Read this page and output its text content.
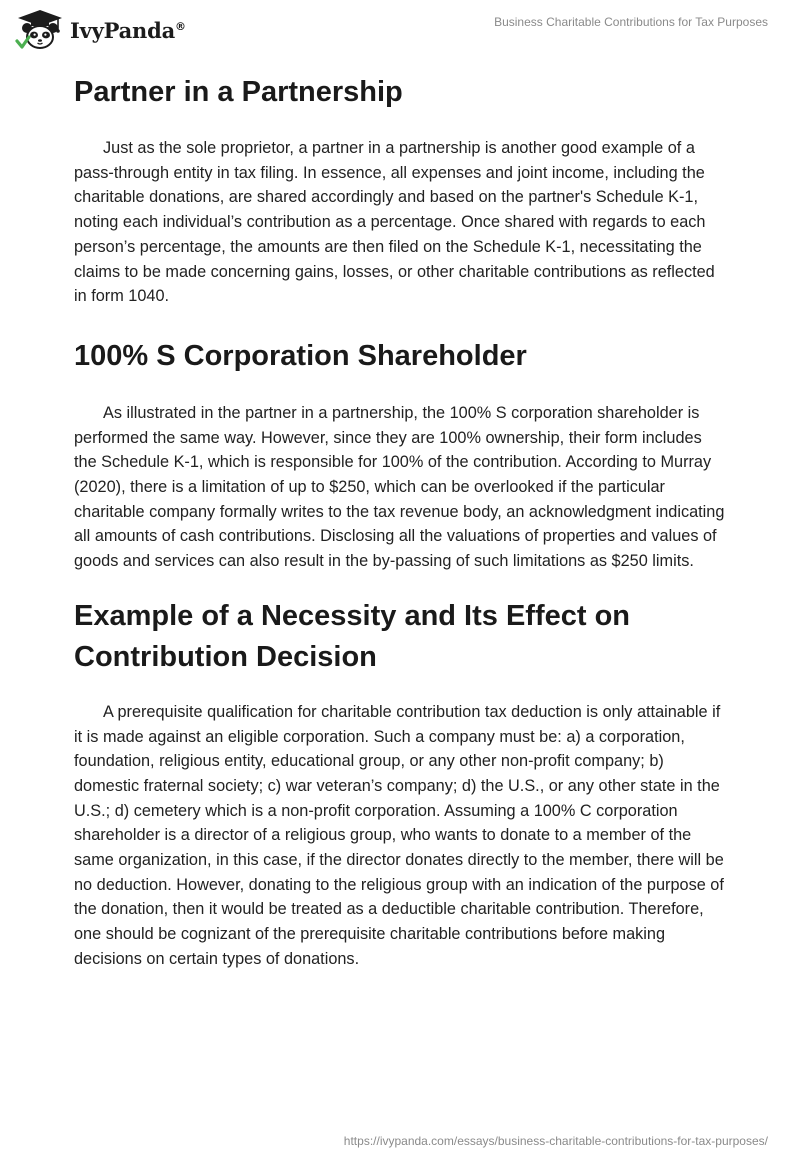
IvyPanda®	Business Charitable Contributions for Tax Purposes
Partner in a Partnership

Just as the sole proprietor, a partner in a partnership is another good example of a pass-through entity in tax filing. In essence, all expenses and joint income, including the charitable donations, are shared accordingly and based on the partner's Schedule K-1, noting each individual’s contribution as a percentage. Once shared with regards to each person’s percentage, the amounts are then filed on the Schedule K-1, necessitating the claims to be made concerning gains, losses, or other charitable contributions as reflected in form 1040.

100% S Corporation Shareholder

As illustrated in the partner in a partnership, the 100% S corporation shareholder is performed the same way. However, since they are 100% ownership, their form includes the Schedule K-1, which is responsible for 100% of the contribution. According to Murray (2020), there is a limitation of up to $250, which can be overlooked if the particular charitable company formally writes to the tax revenue body, an acknowledgment indicating all amounts of cash contributions. Disclosing all the valuations of properties and values of goods and services can also result in the by-passing of such limitations as $250 limits.

Example of a Necessity and Its Effect on Contribution Decision

A prerequisite qualification for charitable contribution tax deduction is only attainable if it is made against an eligible corporation. Such a company must be: a) a corporation, foundation, religious entity, educational group, or any other non-profit company; b) domestic fraternal society; c) war veteran’s company; d) the U.S., or any other state in the U.S.; d) cemetery which is a non-profit corporation. Assuming a 100% C corporation shareholder is a director of a religious group, who wants to donate to a member of the same organization, in this case, if the director donates directly to the member, there will be no deduction. However, donating to the religious group with an indication of the purpose of the donation, then it would be treated as a deductible charitable contribution. Therefore, one should be cognizant of the prerequisite charitable contributions before making decisions on certain types of donations.

https://ivypanda.com/essays/business-charitable-contributions-for-tax-purposes/
